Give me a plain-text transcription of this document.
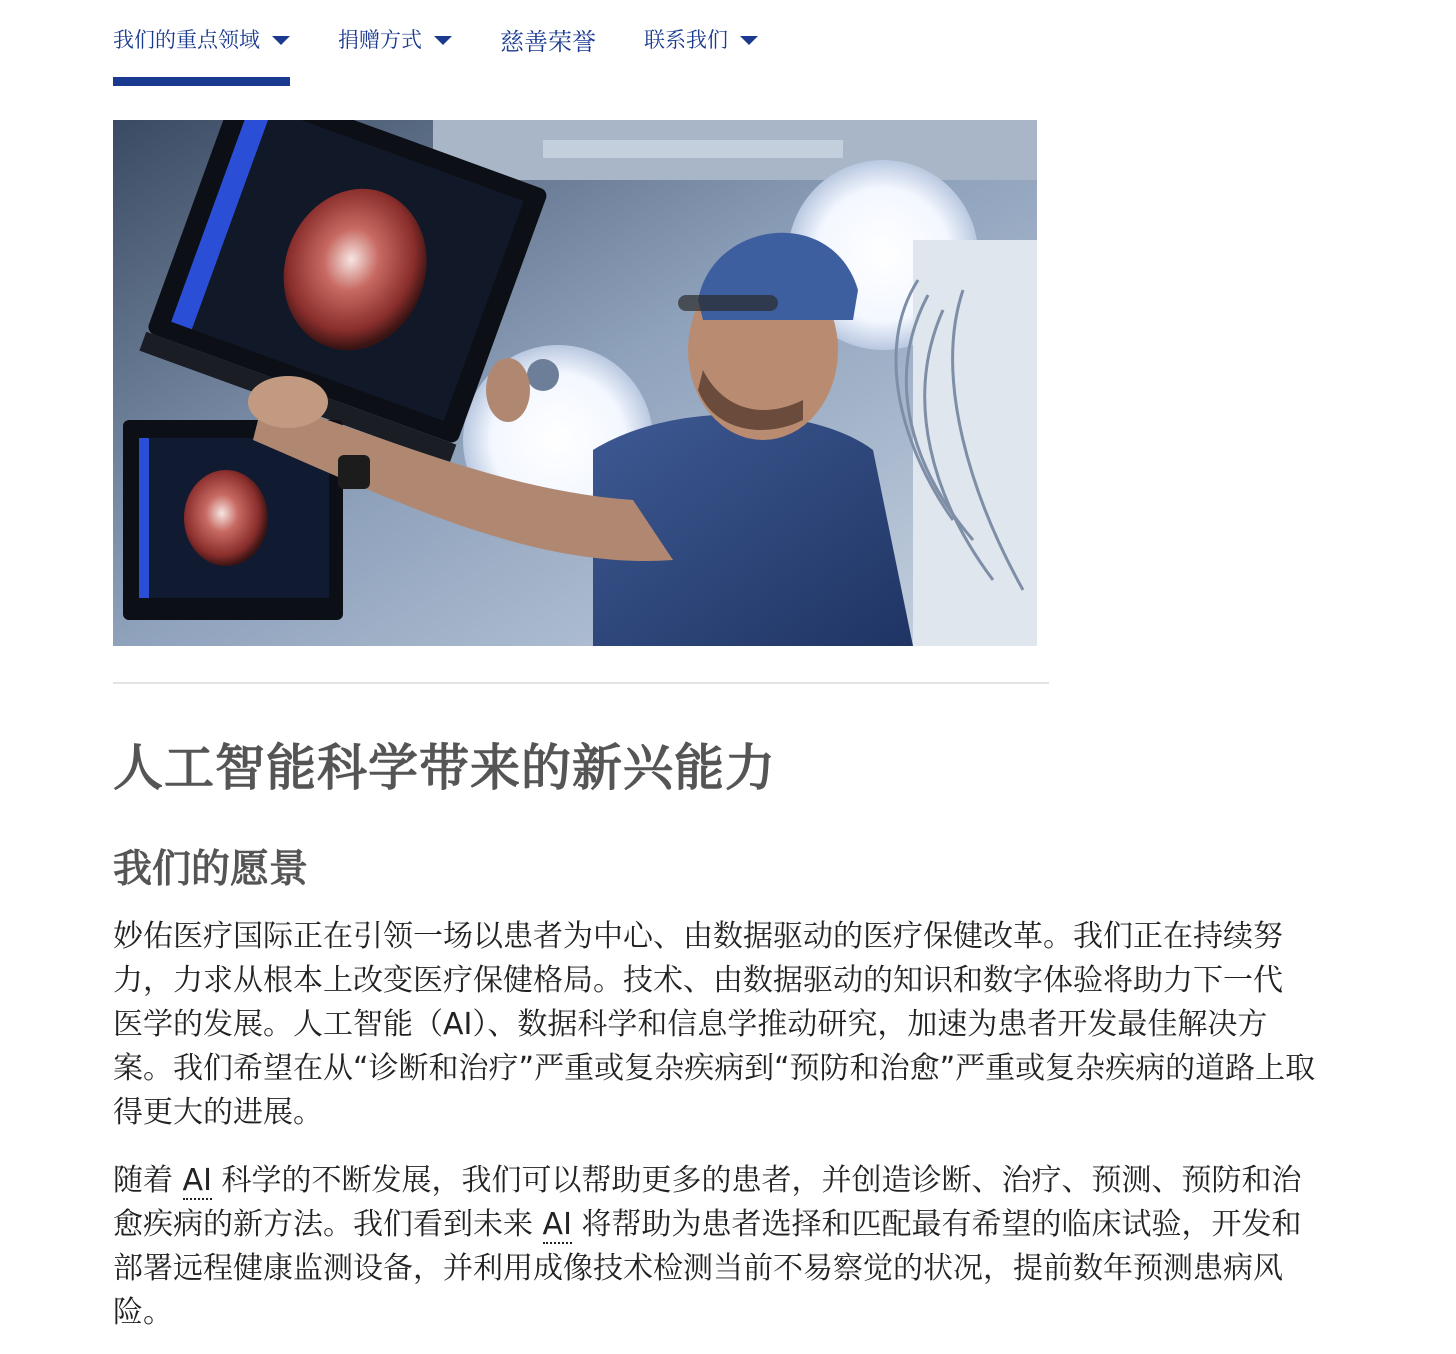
我们的重点领域	捐赠方式	慈善荣誉 联系我们
人工智能科学带来的新兴能力
我们的愿景

妙佑医疗国际正在引领一场以患者为中心、由数据驱动的医疗保健改革。我们正在持续努
力，力求从根本上改变医疗保健格局。技术、由数据驱动的知识和数字体验将助力下一代
医学的发展。人工智能（AI）、数据科学和信息学推动研究，加速为患者开发最佳解决方
案。我们希望在从“诊断和治疗”严重或复杂疾病到“预防和治愈”严重或复杂疾病的道路上取
得更大的进展。

随着 AI 科学的不断发展，我们可以帮助更多的患者，并创造诊断、治疗、预测、预防和治
愈疾病的新方法。我们看到未来 AI 将帮助为患者选择和匹配最有希望的临床试验，开发和
部署远程健康监测设备，并利用成像技术检测当前不易察觉的状况，提前数年预测患病风
险。
